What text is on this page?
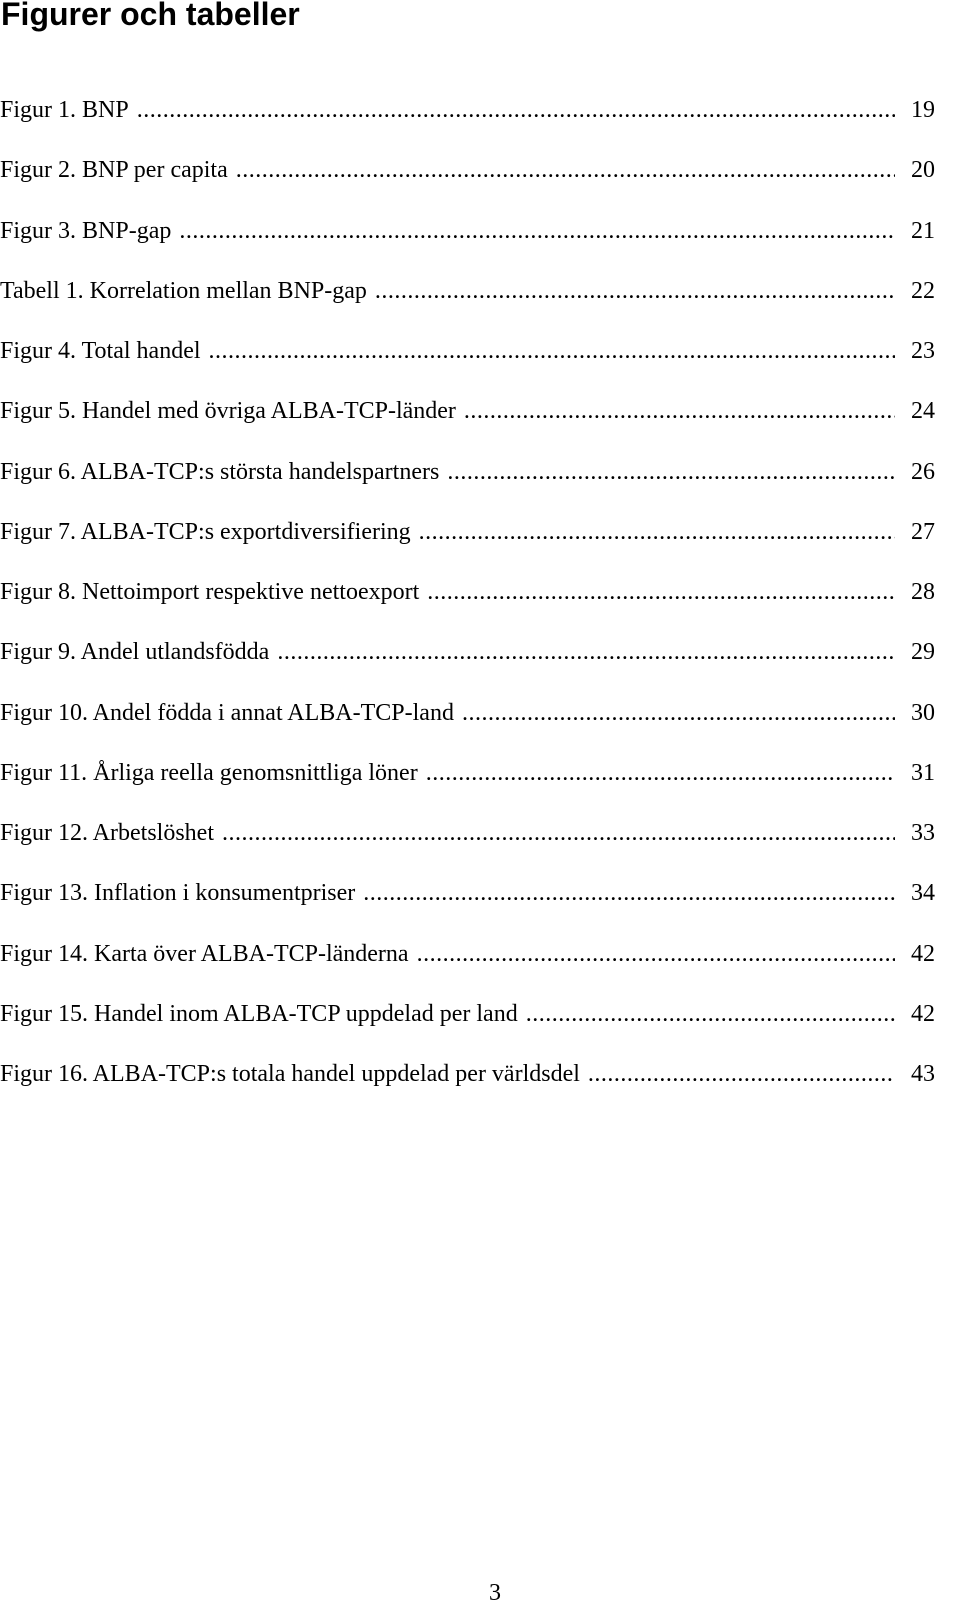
Figurer och tabeller
Figur 1. BNP .....	19
Figur 2. BNP per capita .....	20
Figur 3. BNP-gap .....	21
Tabell 1. Korrelation mellan BNP-gap .....	22
Figur 4. Total handel .....	23
Figur 5. Handel med övriga ALBA-TCP-länder .....	24
Figur 6. ALBA-TCP:s största handelspartners .....	26
Figur 7. ALBA-TCP:s exportdiversifiering .....	27
Figur 8. Nettoimport respektive nettoexport .....	28
Figur 9. Andel utlandsfödda .....	29
Figur 10. Andel födda i annat ALBA-TCP-land .....	30
Figur 11. Årliga reella genomsnittliga löner .....	31
Figur 12. Arbetslöshet .....	33
Figur 13. Inflation i konsumentpriser .....	34
Figur 14. Karta över ALBA-TCP-länderna .....	42
Figur 15. Handel inom ALBA-TCP uppdelad per land .....	42
Figur 16. ALBA-TCP:s totala handel uppdelad per världsdel .....	43

3
